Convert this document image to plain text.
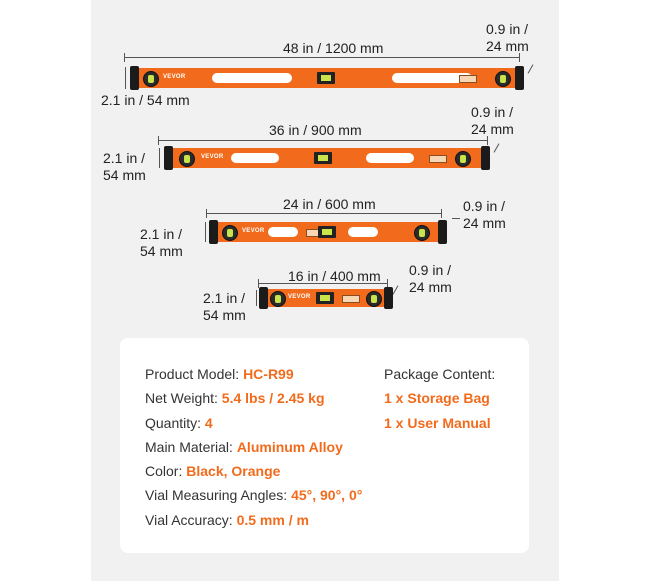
48 in / 1200 mm
0.9 in /
24 mm
2.1 in / 54 mm
VEVOR
36 in / 900 mm
0.9 in /
24 mm
2.1 in /
54 mm
VEVOR
24 in / 600 mm	0.9 in /
24 mm
2.1 in /
54 mm
VEVOR
16 in / 400 mm 0.9 in /
24 mm
2.1 in /
54 mm
VEVOR
Product Model: HC-R99
Net Weight: 5.4 lbs / 2.45 kg
Quantity: 4
Main Material: Aluminum Alloy
Color: Black, Orange
Vial Measuring Angles: 45°, 90°, 0°
Vial Accuracy: 0.5 mm / m
Package Content:
1 x Storage Bag
1 x User Manual
